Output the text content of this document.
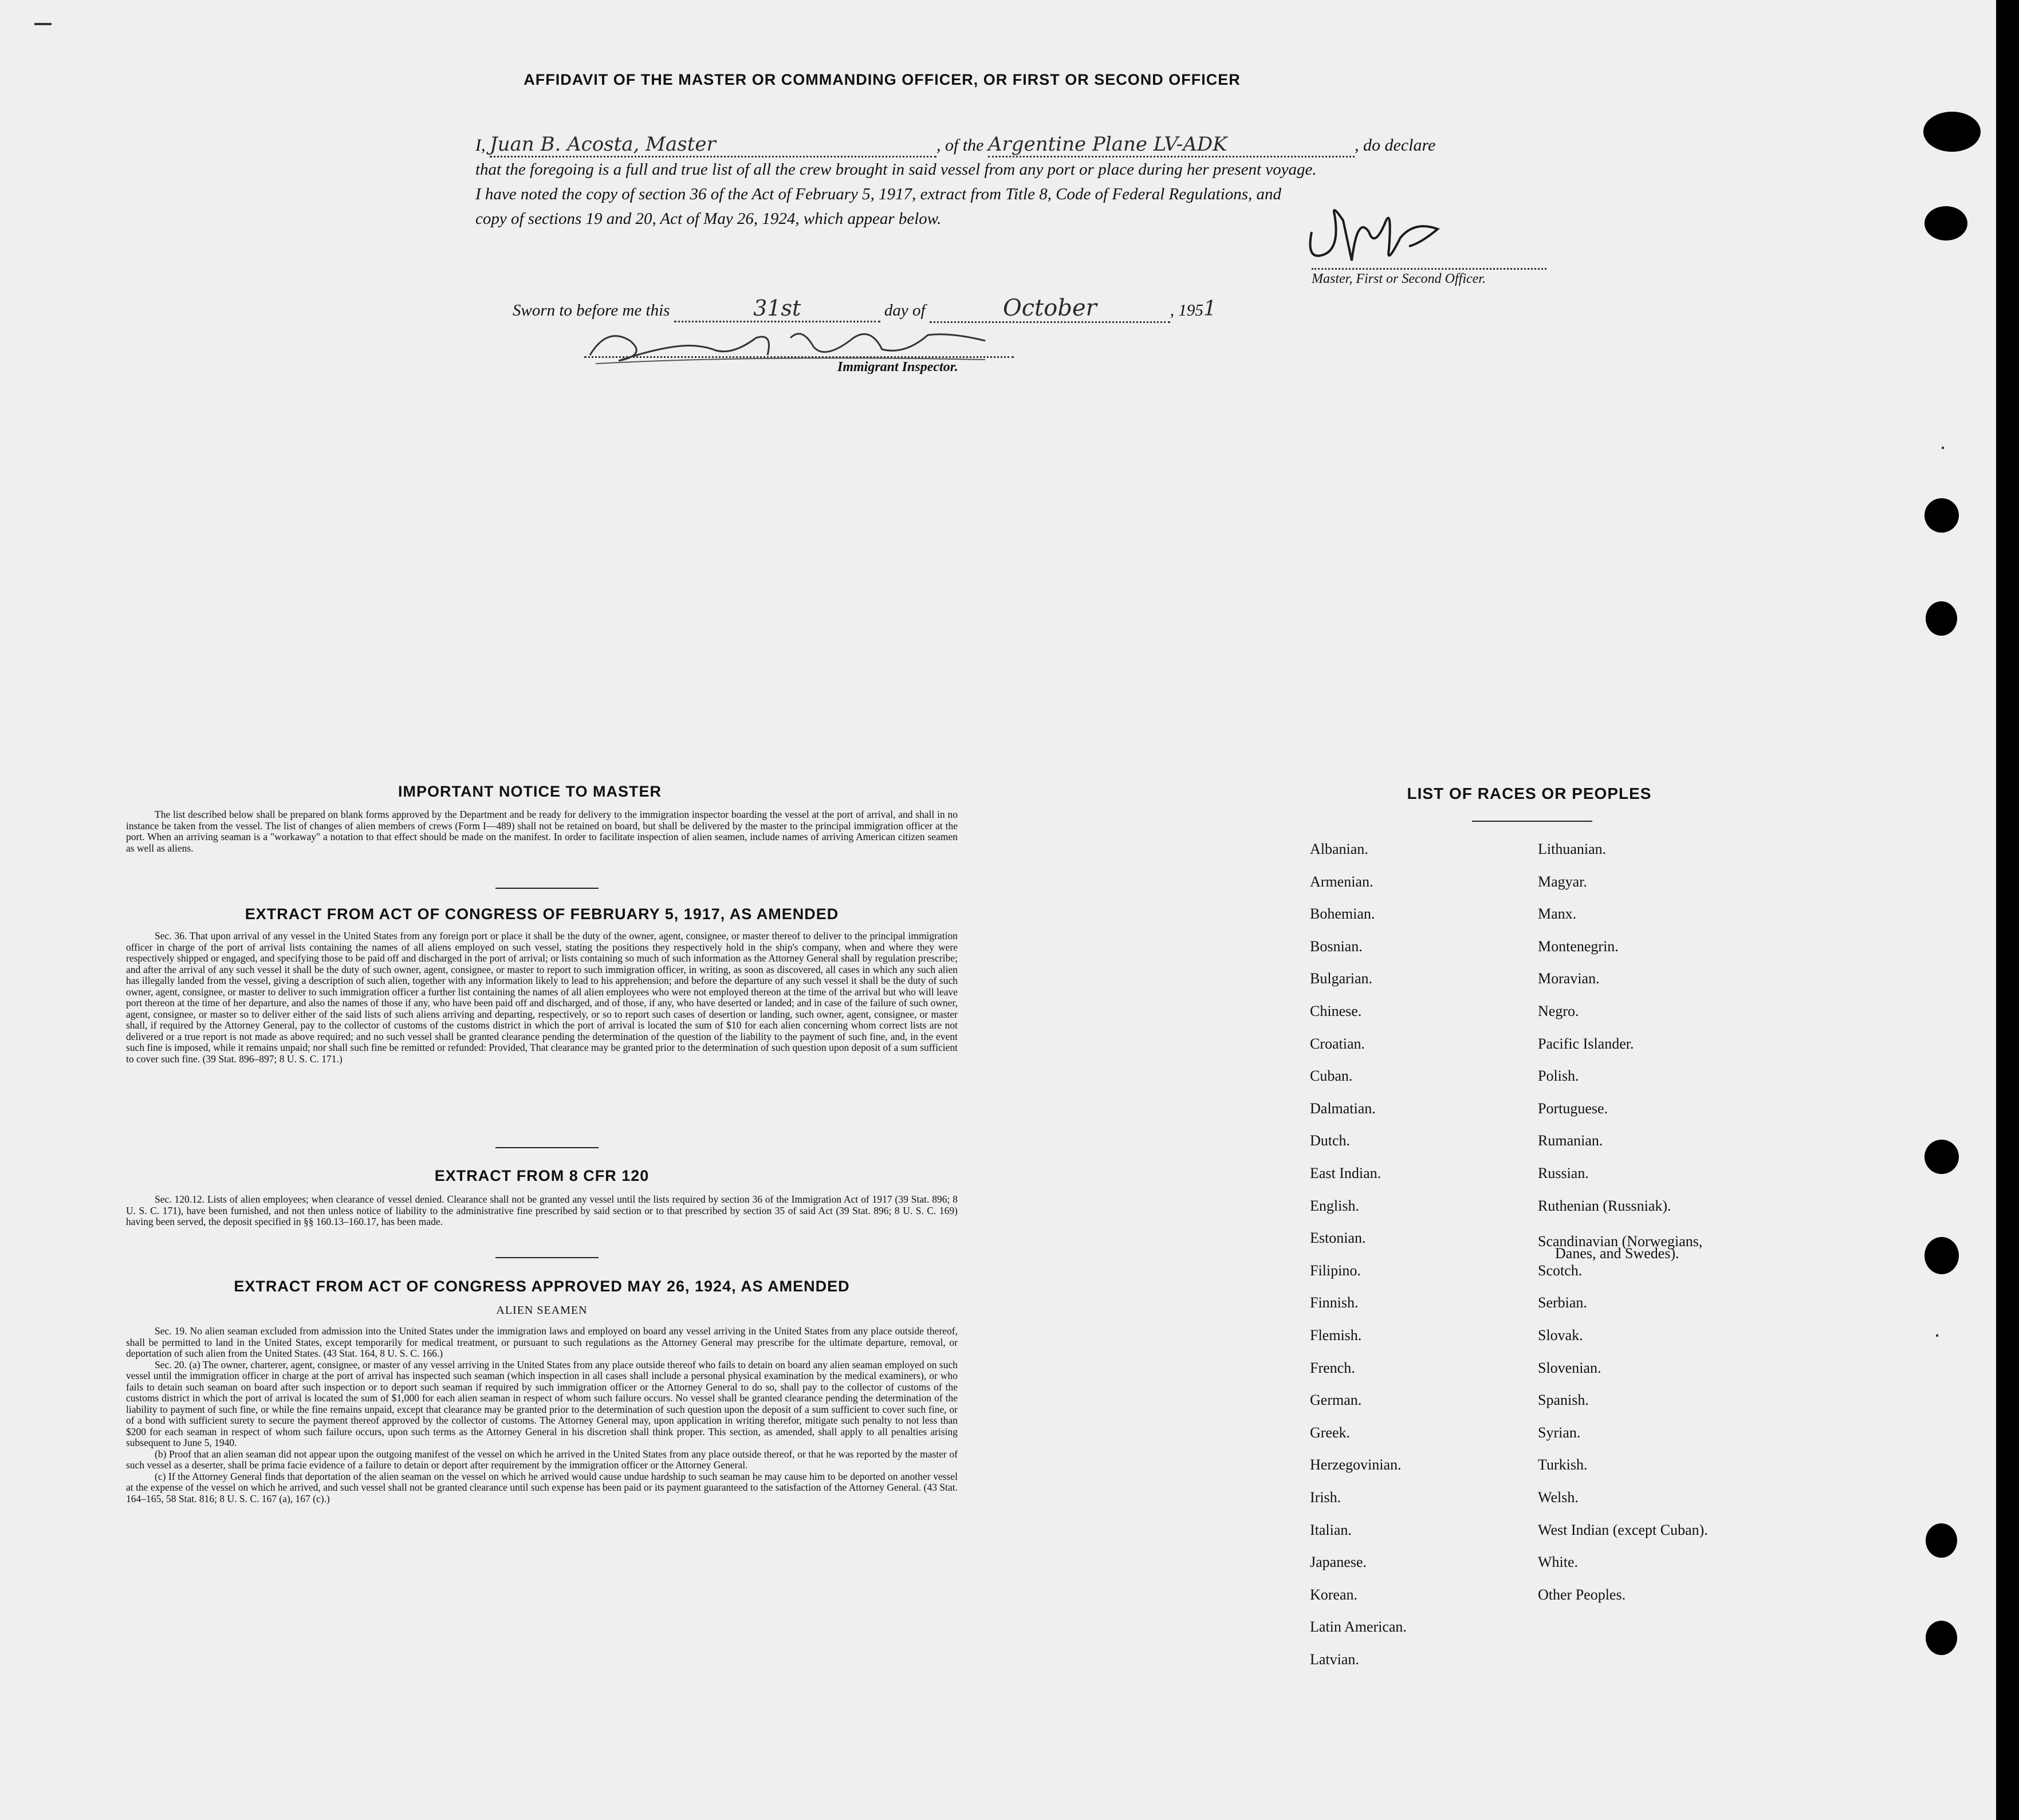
AFFIDAVIT OF THE MASTER OR COMMANDING OFFICER, OR FIRST OR SECOND OFFICER
I, Juan B. Acosta, Master	, of the Argentine Plane LV-ADK	, do declare
that the foregoing is a full and true list of all the crew brought in said vessel from any port or place during her present voyage.
I have noted the copy of section 36 of the Act of February 5, 1917, extract from Title 8, Code of Federal Regulations, and
copy of sections 19 and 20, Act of May 26, 1924, which appear below.
Master, First or Second Officer.
Sworn to before me this	31st	day of	October	, 1951
Immigrant Inspector.
IMPORTANT NOTICE TO MASTER

The list described below shall be prepared on blank forms approved by the Department and be ready for delivery to the immigration inspector boarding the vessel at the port of arrival, and shall in no instance be taken from the vessel. The list of changes of alien members of crews (Form I—489) shall not be retained on board, but shall be delivered by the master to the principal immigration officer at the port. When an arriving seaman is a "workaway" a notation to that effect should be made on the manifest. In order to facilitate inspection of alien seamen, include names of arriving American citizen seamen as well as aliens.

EXTRACT FROM ACT OF CONGRESS OF FEBRUARY 5, 1917, AS AMENDED

Sec. 36. That upon arrival of any vessel in the United States from any foreign port or place it shall be the duty of the owner, agent, consignee, or master thereof to deliver to the principal immigration officer in charge of the port of arrival lists containing the names of all aliens employed on such vessel, stating the positions they respectively hold in the ship's company, when and where they were respectively shipped or engaged, and specifying those to be paid off and discharged in the port of arrival; or lists containing so much of such information as the Attorney General shall by regulation prescribe; and after the arrival of any such vessel it shall be the duty of such owner, agent, consignee, or master to report to such immigration officer, in writing, as soon as discovered, all cases in which any such alien has illegally landed from the vessel, giving a description of such alien, together with any information likely to lead to his apprehension; and before the departure of any such vessel it shall be the duty of such owner, agent, consignee, or master to deliver to such immigration officer a further list containing the names of all alien employees who were not employed thereon at the time of the arrival but who will leave port thereon at the time of her departure, and also the names of those if any, who have been paid off and discharged, and of those, if any, who have deserted or landed; and in case of the failure of such owner, agent, consignee, or master so to deliver either of the said lists of such aliens arriving and departing, respectively, or so to report such cases of desertion or landing, such owner, agent, consignee, or master shall, if required by the Attorney General, pay to the collector of customs of the customs district in which the port of arrival is located the sum of $10 for each alien concerning whom correct lists are not delivered or a true report is not made as above required; and no such vessel shall be granted clearance pending the determination of the question of the liability to the payment of such fine, and, in the event such fine is imposed, while it remains unpaid; nor shall such fine be remitted or refunded: Provided, That clearance may be granted prior to the determination of such question upon deposit of a sum sufficient to cover such fine. (39 Stat. 896–897; 8 U. S. C. 171.)

EXTRACT FROM 8 CFR 120

Sec. 120.12. Lists of alien employees; when clearance of vessel denied. Clearance shall not be granted any vessel until the lists required by section 36 of the Immigration Act of 1917 (39 Stat. 896; 8 U. S. C. 171), have been furnished, and not then unless notice of liability to the administrative fine prescribed by said section or to that prescribed by section 35 of said Act (39 Stat. 896; 8 U. S. C. 169) having been served, the deposit specified in §§ 160.13–160.17, has been made.

EXTRACT FROM ACT OF CONGRESS APPROVED MAY 26, 1924, AS AMENDED
ALIEN SEAMEN

Sec. 19. No alien seaman excluded from admission into the United States under the immigration laws and employed on board any vessel arriving in the United States from any place outside thereof, shall be permitted to land in the United States, except temporarily for medical treatment, or pursuant to such regulations as the Attorney General may prescribe for the ultimate departure, removal, or deportation of such alien from the United States. (43 Stat. 164, 8 U. S. C. 166.)

Sec. 20. (a) The owner, charterer, agent, consignee, or master of any vessel arriving in the United States from any place outside thereof who fails to detain on board any alien seaman employed on such vessel until the immigration officer in charge at the port of arrival has inspected such seaman (which inspection in all cases shall include a personal physical examination by the medical examiners), or who fails to detain such seaman on board after such inspection or to deport such seaman if required by such immigration officer or the Attorney General to do so, shall pay to the collector of customs of the customs district in which the port of arrival is located the sum of $1,000 for each alien seaman in respect of whom such failure occurs. No vessel shall be granted clearance pending the determination of the liability to payment of such fine, or while the fine remains unpaid, except that clearance may be granted prior to the determination of such question upon the deposit of a sum sufficient to cover such fine, or of a bond with sufficient surety to secure the payment thereof approved by the collector of customs. The Attorney General may, upon application in writing therefor, mitigate such penalty to not less than $200 for each seaman in respect of whom such failure occurs, upon such terms as the Attorney General in his discretion shall think proper. This section, as amended, shall apply to all penalties arising subsequent to June 5, 1940.

(b) Proof that an alien seaman did not appear upon the outgoing manifest of the vessel on which he arrived in the United States from any place outside thereof, or that he was reported by the master of such vessel as a deserter, shall be prima facie evidence of a failure to detain or deport after requirement by the immigration officer or the Attorney General.

(c) If the Attorney General finds that deportation of the alien seaman on the vessel on which he arrived would cause undue hardship to such seaman he may cause him to be deported on another vessel at the expense of the vessel on which he arrived, and such vessel shall not be granted clearance until such expense has been paid or its payment guaranteed to the satisfaction of the Attorney General. (43 Stat. 164–165, 58 Stat. 816; 8 U. S. C. 167 (a), 167 (c).)

LIST OF RACES OR PEOPLES
Albanian.
Armenian.
Bohemian.
Bosnian.
Bulgarian.
Chinese.
Croatian.
Cuban.
Dalmatian.
Dutch.
East Indian.
English.
Estonian.
Filipino.
Finnish.
Flemish.
French.
German.
Greek.
Herzegovinian.
Irish.
Italian.
Japanese.
Korean.
Latin American.
Latvian.
Lithuanian.
Magyar.
Manx.
Montenegrin.
Moravian.
Negro.
Pacific Islander.
Polish.
Portuguese.
Rumanian.
Russian.
Ruthenian (Russniak).
Scandinavian (Norwegians,
Danes, and Swedes).
Scotch.
Serbian.
Slovak.
Slovenian.
Spanish.
Syrian.
Turkish.
Welsh.
West Indian (except Cuban).
White.
Other Peoples.
